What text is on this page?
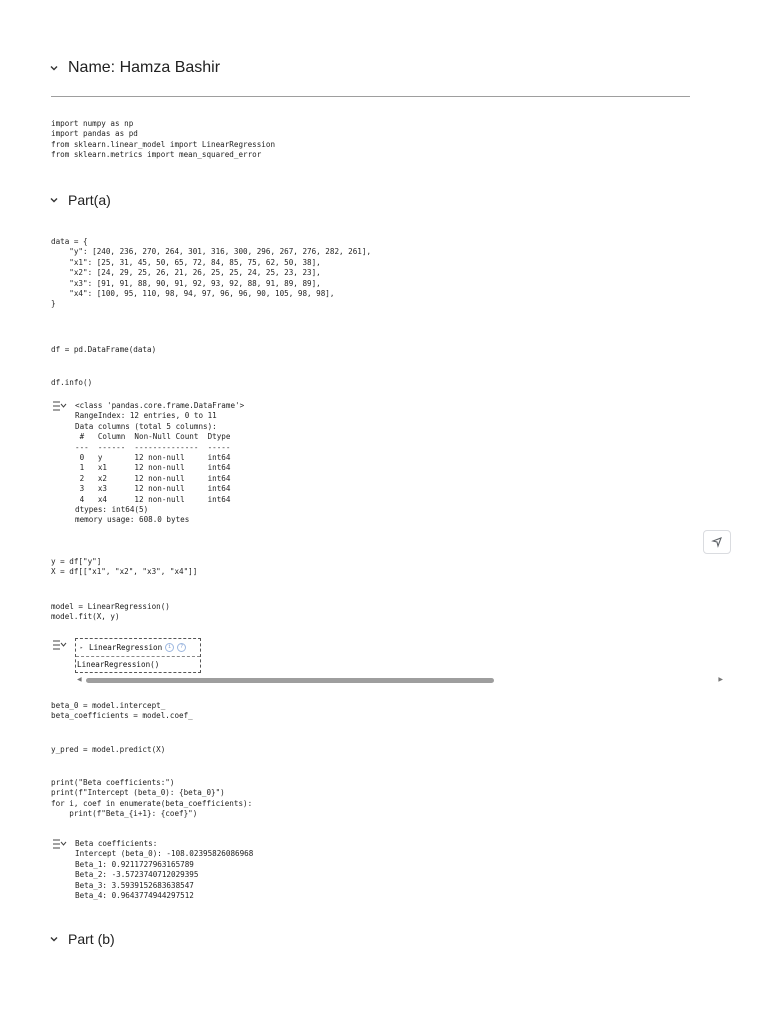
Name: Hamza Bashir
import numpy as np
import pandas as pd
from sklearn.linear_model import LinearRegression
from sklearn.metrics import mean_squared_error
Part(a)
data = {
"y": [240, 236, 270, 264, 301, 316, 300, 296, 267, 276, 282, 261],
"x1": [25, 31, 45, 50, 65, 72, 84, 85, 75, 62, 50, 38],
"x2": [24, 29, 25, 26, 21, 26, 25, 25, 24, 25, 23, 23],
"x3": [91, 91, 88, 90, 91, 92, 93, 92, 88, 91, 89, 89],
"x4": [100, 95, 110, 98, 94, 97, 96, 96, 90, 105, 98, 98],
}
df = pd.DataFrame(data)
df.info()
<class 'pandas.core.frame.DataFrame'>
RangeIndex: 12 entries, 0 to 11
Data columns (total 5 columns):
#   Column  Non-Null Count  Dtype
---  ------  --------------  -----
0   y       12 non-null     int64
1   x1      12 non-null     int64
2   x2      12 non-null     int64
3   x3      12 non-null     int64
4   x4      12 non-null     int64
dtypes: int64(5)
memory usage: 608.0 bytes
y = df["y"]
X = df[["x1", "x2", "x3", "x4"]]
model = LinearRegression()
model.fit(X, y)
▸ LinearRegression	i	?
LinearRegression()
◀	▶
beta_0 = model.intercept_
beta_coefficients = model.coef_
y_pred = model.predict(X)
print("Beta coefficients:")
print(f"Intercept (beta_0): {beta_0}")
for i, coef in enumerate(beta_coefficients):
print(f"Beta_{i+1}: {coef}")
Beta coefficients:
Intercept (beta_0): -108.02395826086968
Beta_1: 0.9211727963165789
Beta_2: -3.5723740712029395
Beta_3: 3.5939152683638547
Beta_4: 0.9643774944297512
Part (b)
